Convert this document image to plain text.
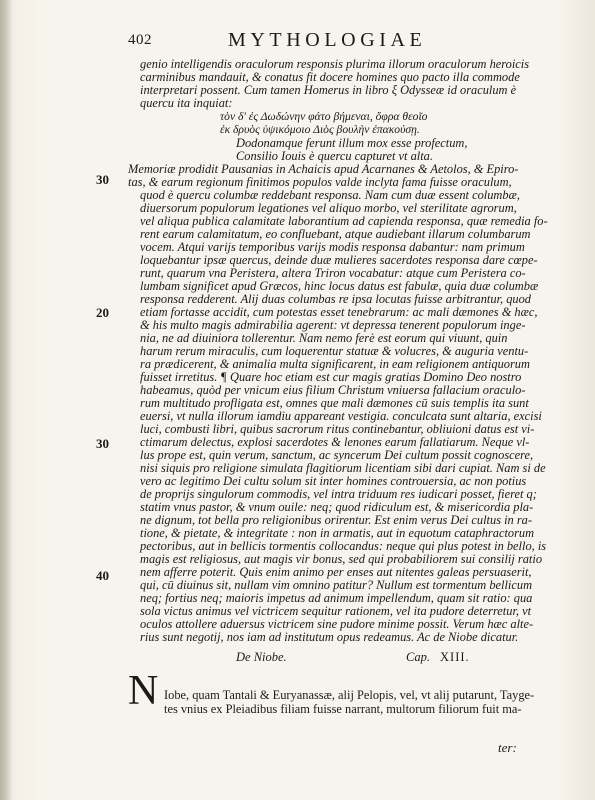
402	MYTHOLOGIAE
genio intelligendis oraculorum responsis plurima illorum oraculorum heroicis
carminibus mandauit, & conatus fit docere homines quo pacto illa commode
interpretari possent. Cum tamen Homerus in libro ξ Odysseæ id oraculum è
quercu ita inquiat:
τὸν δ' ἐς Δωδώνην φάτο βήμεναι, ὄφρα θεοῖο
ἐκ δρυὸς ὑψικόμοιο Διὸς βουλὴν ἐπακούσῃ.
Dodonamque ferunt illum mox esse profectum,
Consilio Iouis è quercu capturet vt alta.
30
20
30
40
Memoriæ prodidit Pausanias in Achaicis apud Acarnanes & Aetolos, & Epiro-
tas, & earum regionum finitimos populos valde inclyta fama fuisse oraculum,
quod è quercu columbæ reddebant responsa. Nam cum duæ essent columbæ,
diuersorum populorum legationes vel aliquo morbo, vel sterilitate agrorum,
vel aliqua publica calamitate laborantium ad capienda responsa, quæ remedia fo-
rent earum calamitatum, eo confluebant, atque audiebant illarum columbarum
vocem. Atqui varijs temporibus varijs modis responsa dabantur: nam primum
loquebantur ipsæ quercus, deinde duæ mulieres sacerdotes responsa dare cœpe-
runt, quarum vna Peristera, altera Triron vocabatur: atque cum Peristera co-
lumbam significet apud Græcos, hinc locus datus est fabulæ, quia duæ columbæ
responsa redderent. Alij duas columbas re ipsa locutas fuisse arbitrantur, quod
etiam fortasse accidit, cum potestas esset tenebrarum: ac mali dæmones & hæc,
& his multo magis admirabilia agerent: vt depressa tenerent populorum inge-
nia, ne ad diuiniora tollerentur. Nam nemo ferè est eorum qui viuunt, quin
harum rerum miraculis, cum loquerentur statuæ & volucres, & auguria ventu-
ra prædicerent, & animalia multa significarent, in eam religionem antiquorum
fuisset irretitus. ¶ Quare hoc etiam est cur magis gratias Domino Deo nostro
habeamus, quòd per vnicum eius filium Christum vniuersa fallacium oraculo-
rum multitudo profligata est, omnes que mali dæmones cū suis templis ita sunt
euersi, vt nulla illorum iamdiu appareant vestigia. conculcata sunt altaria, excisi
luci, combusti libri, quibus sacrorum ritus continebantur, obliuioni datus est vi-
ctimarum delectus, explosi sacerdotes & lenones earum fallatiarum. Neque vl-
lus prope est, quin verum, sanctum, ac syncerum Dei cultum possit cognoscere,
nisi siquis pro religione simulata flagitiorum licentiam sibi dari cupiat. Nam si de
vero ac legitimo Dei cultu solum sit inter homines controuersia, ac non potius
de proprijs singulorum commodis, vel intra triduum res iudicari posset, fieret q;
statim vnus pastor, & vnum ouile: neq; quod ridiculum est, & misericordia pla-
ne dignum, tot bella pro religionibus orirentur. Est enim verus Dei cultus in ra-
tione, & pietate, & integritate : non in armatis, aut in equotum cataphractorum
pectoribus, aut in bellicis tormentis collocandus: neque qui plus potest in bello, is
magis est religiosus, aut magis vir bonus, sed qui probabiliorem sui consilij ratio
nem afferre poterit. Quis enim animo per enses aut nitentes galeas persuaserit,
qui, cū diuinus sit, nullam vim omnino patitur? Nullum est tormentum bellicum
neq; fortius neq; maioris impetus ad animum impellendum, quam sit ratio: qua
sola victus animus vel victricem sequitur rationem, vel ita pudore deterretur, vt
oculos attollere aduersus victricem sine pudore minime possit. Verum hæc alte-
rius sunt negotij, nos iam ad institutum opus redeamus. Ac de Niobe dicatur.
De Niobe.	Cap. XIII.
N Iobe, quam Tantali & Euryanassæ, alij Pelopis, vel, vt alij putarunt, Tayge-
tes vnius ex Pleiadibus filiam fuisse narrant, multorum filiorum fuit ma-
ter:
